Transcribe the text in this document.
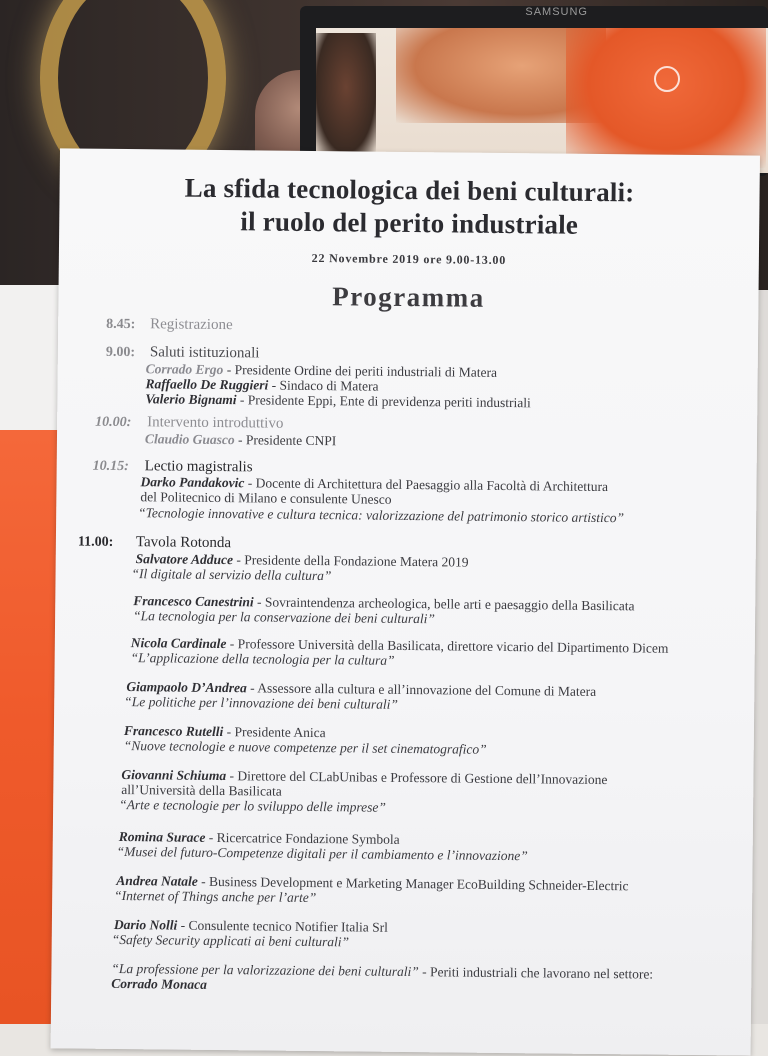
SAMSUNG
La sfida tecnologica dei beni culturali:
il ruolo del perito industriale
22 Novembre 2019 ore 9.00-13.00
Programma
8.45: Registrazione
9.00: Saluti istituzionali
Corrado Ergo - Presidente Ordine dei periti industriali di Matera
Raffaello De Ruggieri - Sindaco di Matera
Valerio Bignami - Presidente Eppi, Ente di previdenza periti industriali
10.00: Intervento introduttivo
Claudio Guasco - Presidente CNPI
10.15: Lectio magistralis
Darko Pandakovic - Docente di Architettura del Paesaggio alla Facoltà di Architettura
del Politecnico di Milano e consulente Unesco
“Tecnologie innovative e cultura tecnica: valorizzazione del patrimonio storico artistico”
11.00: Tavola Rotonda
Salvatore Adduce - Presidente della Fondazione Matera 2019
“Il digitale al servizio della cultura”
Francesco Canestrini - Sovraintendenza archeologica, belle arti e paesaggio della Basilicata
“La tecnologia per la conservazione dei beni culturali”
Nicola Cardinale - Professore Università della Basilicata, direttore vicario del Dipartimento Dicem
“L’applicazione della tecnologia per la cultura”
Giampaolo D’Andrea - Assessore alla cultura e all’innovazione del Comune di Matera
“Le politiche per l’innovazione dei beni culturali”
Francesco Rutelli - Presidente Anica
“Nuove tecnologie e nuove competenze per il set cinematografico”
Giovanni Schiuma - Direttore del CLabUnibas e Professore di Gestione dell’Innovazione
all’Università della Basilicata
“Arte e tecnologie per lo sviluppo delle imprese”
Romina Surace - Ricercatrice Fondazione Symbola
“Musei del futuro-Competenze digitali per il cambiamento e l’innovazione”
Andrea Natale - Business Development e Marketing Manager EcoBuilding Schneider-Electric
“Internet of Things anche per l’arte”
Dario Nolli - Consulente tecnico Notifier Italia Srl
“Safety Security applicati ai beni culturali”
“La professione per la valorizzazione dei beni culturali” - Periti industriali che lavorano nel settore:
Corrado Monaca
